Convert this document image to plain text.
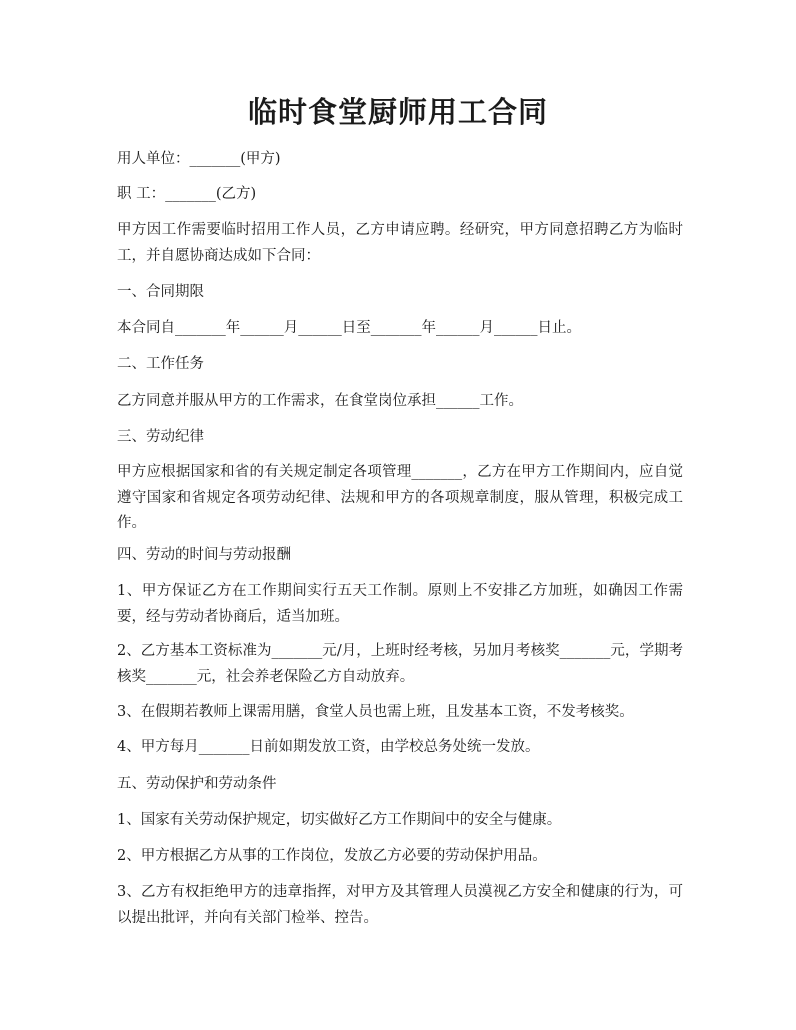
临时食堂厨师用工合同

用人单位：_______(甲方)

职 工：_______(乙方)

甲方因工作需要临时招用工作人员，乙方申请应聘。经研究，甲方同意招聘乙方为临时工，并自愿协商达成如下合同：

一、合同期限

本合同自_______年______月______日至_______年______月______日止。

二、工作任务

乙方同意并服从甲方的工作需求，在食堂岗位承担______工作。

三、劳动纪律

甲方应根据国家和省的有关规定制定各项管理_______，乙方在甲方工作期间内，应自觉遵守国家和省规定各项劳动纪律、法规和甲方的各项规章制度，服从管理，积极完成工作。

四、劳动的时间与劳动报酬

1、甲方保证乙方在工作期间实行五天工作制。原则上不安排乙方加班，如确因工作需要，经与劳动者协商后，适当加班。

2、乙方基本工资标准为_______元/月，上班时经考核，另加月考核奖_______元，学期考核奖_______元，社会养老保险乙方自动放弃。

3、在假期若教师上课需用膳，食堂人员也需上班，且发基本工资，不发考核奖。

4、甲方每月_______日前如期发放工资，由学校总务处统一发放。

五、劳动保护和劳动条件

1、国家有关劳动保护规定，切实做好乙方工作期间中的安全与健康。

2、甲方根据乙方从事的工作岗位，发放乙方必要的劳动保护用品。

3、乙方有权拒绝甲方的违章指挥，对甲方及其管理人员漠视乙方安全和健康的行为，可以提出批评，并向有关部门检举、控告。
